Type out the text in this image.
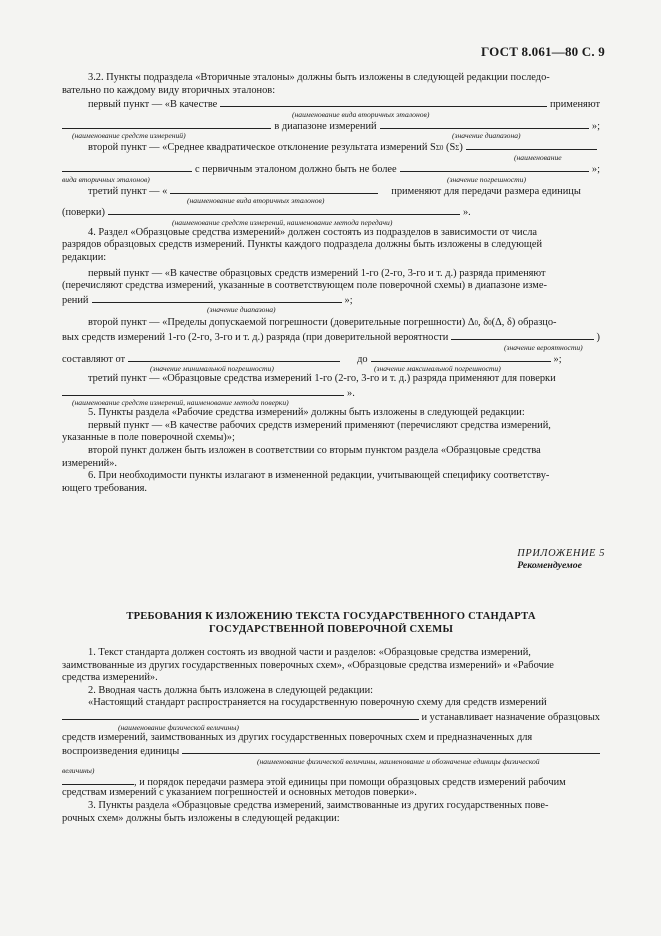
ГОСТ 8.061—80 С. 9
3.2. Пункты подраздела «Вторичные эталоны» должны быть изложены в следующей редакции последо-
вательно по каждому виду вторичных эталонов:
первый пункт — «В качестве	применяют
(наименование вида вторичных эталонов)
в диапазоне измерений	»;
(наименование средств измерений)	(значение диапазона)
второй пункт — «Среднее квадратическое отклонение результата измерений S Σ0
(S Σ )
(наименование
с первичным эталоном должно быть не более	»;
вида вторичных эталонов)	(значение погрешности)
третий пункт — «	применяют для передачи размера единицы
(наименование вида вторичных эталонов)
(поверки)	».
(наименование средств измерений, наименование метода передачи)
4. Раздел «Образцовые средства измерений» должен состоять из подразделов в зависимости от числа
разрядов образцовых средств измерений. Пункты каждого подраздела должны быть изложены в следующей
редакции:
первый пункт — «В качестве образцовых средств измерений 1-го (2-го, 3-го и т. д.) разряда применяют
(перечисляют средства измерений, указанные в соответствующем поле поверочной схемы) в диапазоне изме-
рений	»;
(значение диапазона)
второй пункт — «Пределы допускаемой погрешности (доверительные погрешности) Δ 0 , δ 0 (Δ, δ) образцо-
вых средств измерений 1-го (2-го, 3-го и т. д.) разряда (при доверительной вероятности	)
(значение вероятности)
составляют от	до	»;
(значение минимальной погрешности)	(значение максимальной погрешности)
третий пункт — «Образцовые средства измерений 1-го (2-го, 3-го и т. д.) разряда применяют для поверки
».
(наименование средств измерений, наименование метода поверки)
5. Пункты раздела «Рабочие средства измерений» должны быть изложены в следующей редакции:
первый пункт — «В качестве рабочих средств измерений применяют (перечисляют средства измерений,
указанные в поле поверочной схемы)»;
второй пункт должен быть изложен в соответствии со вторым пунктом раздела «Образцовые средства
измерений».
6. При необходимости пункты излагают в измененной редакции, учитывающей специфику соответству-
ющего требования.
ПРИЛОЖЕНИЕ 5
Рекомендуемое
ТРЕБОВАНИЯ К ИЗЛОЖЕНИЮ ТЕКСТА ГОСУДАРСТВЕННОГО СТАНДАРТА
ГОСУДАРСТВЕННОЙ ПОВЕРОЧНОЙ СХЕМЫ
1. Текст стандарта должен состоять из вводной части и разделов: «Образцовые средства измерений,
заимствованные из других государственных поверочных схем», «Образцовые средства измерений» и «Рабочие
средства измерений».
2. Вводная часть должна быть изложена в следующей редакции:
«Настоящий стандарт распространяется на государственную поверочную схему для средств измерений
и устанавливает назначение образцовых
(наименование физической величины)
средств измерений, заимствованных из других государственных поверочных схем и предназначенных для
воспроизведения единицы
(наименование физической величины, наименование и обозначение единицы физической
величины)
, и порядок передачи размера этой единицы при помощи образцовых средств измерений рабочим
средствам измерений с указанием погрешностей и основных методов поверки».
3. Пункты раздела «Образцовые средства измерений, заимствованные из других государственных пове-
рочных схем» должны быть изложены в следующей редакции:
